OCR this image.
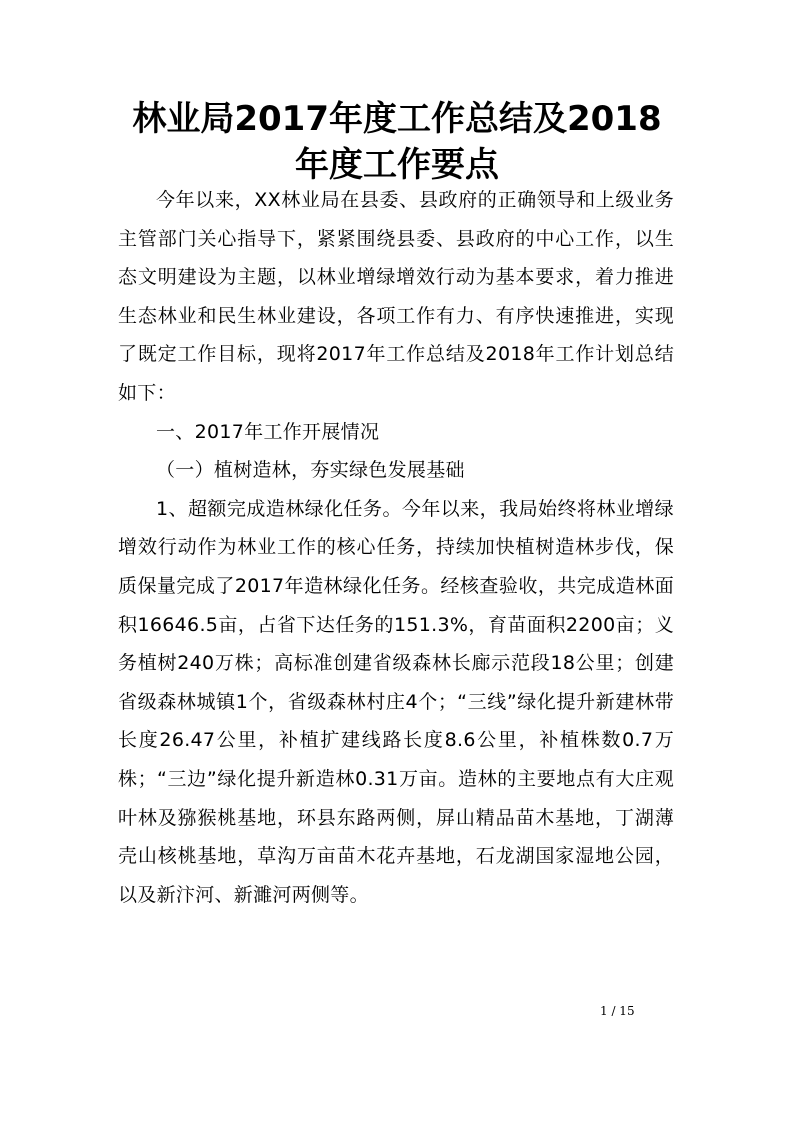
林业局2017年度工作总结及2018年度工作要点

今年以来，XX林业局在县委、县政府的正确领导和上级业务主管部门关心指导下，紧紧围绕县委、县政府的中心工作，以生态文明建设为主题，以林业增绿增效行动为基本要求，着力推进生态林业和民生林业建设，各项工作有力、有序快速推进，实现了既定工作目标，现将2017年工作总结及2018年工作计划总结如下：

一、2017年工作开展情况

（一）植树造林，夯实绿色发展基础

1、超额完成造林绿化任务。今年以来，我局始终将林业增绿增效行动作为林业工作的核心任务，持续加快植树造林步伐，保质保量完成了2017年造林绿化任务。经核查验收，共完成造林面积16646.5亩，占省下达任务的151.3%，育苗面积2200亩；义务植树240万株；高标准创建省级森林长廊示范段18公里；创建省级森林城镇1个，省级森林村庄4个；“三线”绿化提升新建林带长度26.47公里，补植扩建线路长度8.6公里，补植株数0.7万株；“三边”绿化提升新造林0.31万亩。造林的主要地点有大庄观叶林及猕猴桃基地，环县东路两侧，屏山精品苗木基地，丁湖薄壳山核桃基地，草沟万亩苗木花卉基地，石龙湖国家湿地公园，以及新汴河、新濉河两侧等。

1 / 15
